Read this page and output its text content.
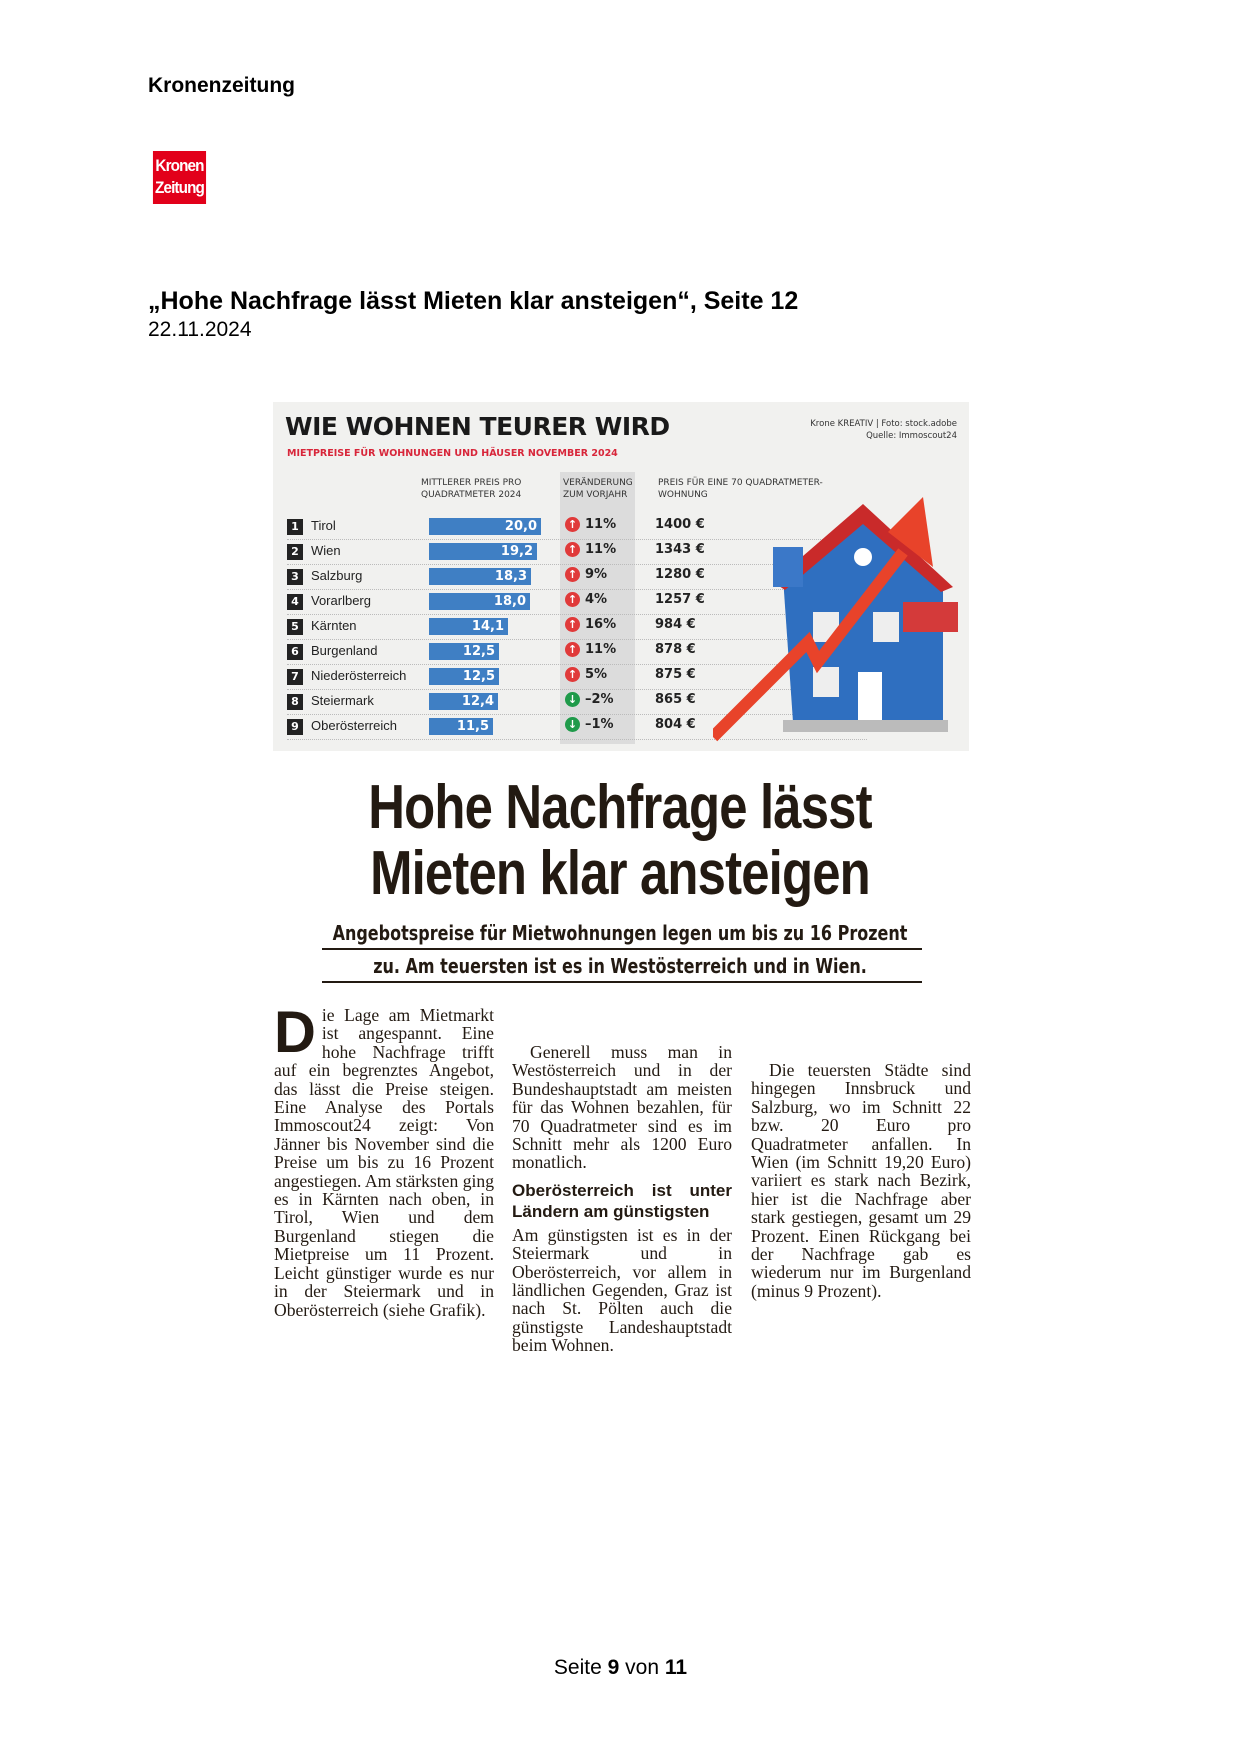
Kronenzeitung
Kronen
Zeitung
„Hohe Nachfrage lässt Mieten klar ansteigen“, Seite 12
22.11.2024
WIE WOHNEN TEURER WIRD
MIETPREISE FÜR WOHNUNGEN UND HÄUSER NOVEMBER 2024
Krone KREATIV | Foto: stock.adobe
Quelle: Immoscout24
MITTLERER PREIS PRO QUADRATMETER 2024
VERÄNDERUNG ZUM VORJAHR
PREIS FÜR EINE 70 QUADRATMETER-WOHNUNG
1 Tirol	20,0	↑ 11%	1400 €
2 Wien	19,2	↑ 11%	1343 €
3 Salzburg	18,3	↑ 9%	1280 €
4 Vorarlberg	18,0	↑ 4%	1257 €
5 Kärnten	14,1	↑ 16%	984 €
6 Burgenland	12,5	↑ 11%	878 €
7 Niederösterreich	12,5	↑ 5%	875 €
8 Steiermark	12,4	↓ –2%	865 €
9 Oberösterreich	11,5	↓ –1%	804 €
Hohe Nachfrage lässt
Mieten klar ansteigen
Angebotspreise für Mietwohnungen legen um bis zu 16 Prozent
zu. Am teuersten ist es in Westösterreich und in Wien.

Die Lage am Mietmarkt ist angespannt. Eine hohe Nachfrage trifft auf ein begrenztes Angebot, das lässt die Preise steigen. Eine Analyse des Portals Immoscout24 zeigt: Von Jänner bis November sind die Preise um bis zu 16 Prozent angestiegen. Am stärksten ging es in Kärnten nach oben, in Tirol, Wien und dem Burgenland stiegen die Mietpreise um 11 Prozent. Leicht günstiger wurde es nur in der Steiermark und in Oberösterreich (siehe Grafik).

Generell muss man in Westösterreich und in der Bundeshauptstadt am meisten für das Wohnen bezahlen, für 70 Quadratmeter sind es im Schnitt mehr als 1200 Euro monatlich.

Oberösterreich ist unter Ländern am günstigsten

Am günstigsten ist es in der Steiermark und in Oberösterreich, vor allem in ländlichen Gegenden, Graz ist nach St. Pölten auch die günstigste Landeshauptstadt beim Wohnen.

Die teuersten Städte sind hingegen Innsbruck und Salzburg, wo im Schnitt 22 bzw. 20 Euro pro Quadratmeter anfallen. In Wien (im Schnitt 19,20 Euro) variiert es stark nach Bezirk, hier ist die Nachfrage aber stark gestiegen, gesamt um 29 Prozent. Einen Rückgang bei der Nachfrage gab es wiederum nur im Burgenland (minus 9 Prozent).

Seite 9 von 11
